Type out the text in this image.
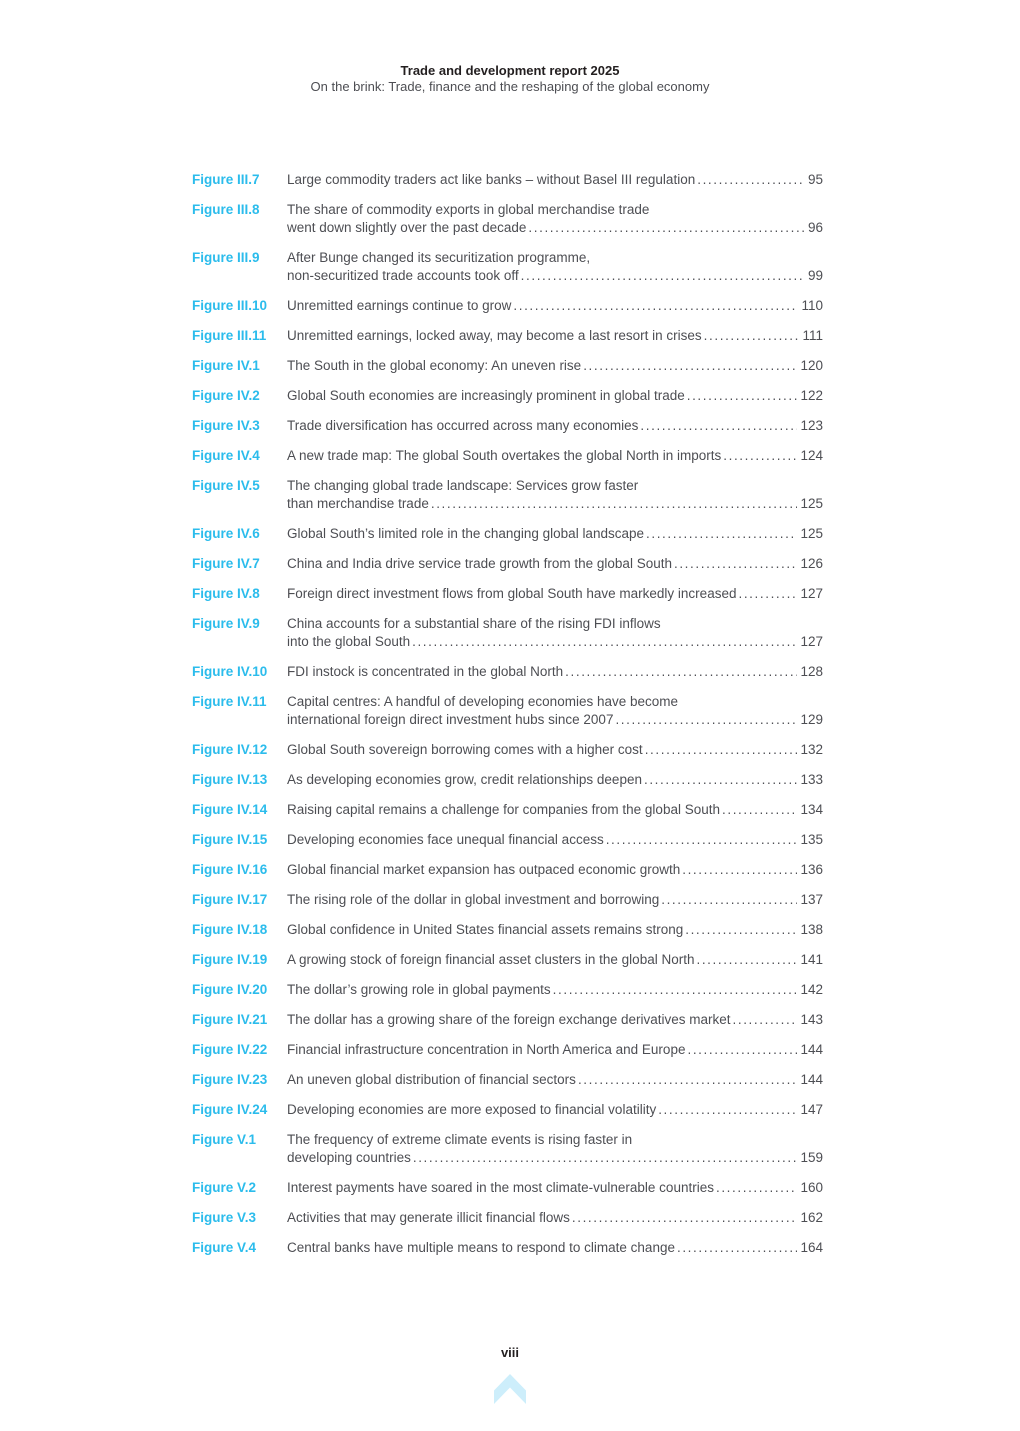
Trade and development report 2025
On the brink: Trade, finance and the reshaping of the global economy
Figure III.7	Large commodity traders act like banks – without Basel III regulation .....	95
Figure III.8	The share of commodity exports in global merchandise trade
went down slightly over the past decade .....	96
Figure III.9	After Bunge changed its securitization programme,
non-securitized trade accounts took off .....	99
Figure III.10	Unremitted earnings continue to grow .....	110
Figure III.11	Unremitted earnings, locked away, may become a last resort in crises .....	111
Figure IV.1	The South in the global economy: An uneven rise .....	120
Figure IV.2	Global South economies are increasingly prominent in global trade .....	122
Figure IV.3	Trade diversification has occurred across many economies .....	123
Figure IV.4	A new trade map: The global South overtakes the global North in imports .....	124
Figure IV.5	The changing global trade landscape: Services grow faster
than merchandise trade .....	125
Figure IV.6	Global South’s limited role in the changing global landscape .....	125
Figure IV.7	China and India drive service trade growth from the global South .....	126
Figure IV.8	Foreign direct investment flows from global South have markedly increased .....	127
Figure IV.9	China accounts for a substantial share of the rising FDI inflows
into the global South .....	127
Figure IV.10	FDI instock is concentrated in the global North .....	128
Figure IV.11	Capital centres: A handful of developing economies have become
international foreign direct investment hubs since 2007 .....	129
Figure IV.12	Global South sovereign borrowing comes with a higher cost .....	132
Figure IV.13	As developing economies grow, credit relationships deepen .....	133
Figure IV.14	Raising capital remains a challenge for companies from the global South .....	134
Figure IV.15	Developing economies face unequal financial access .....	135
Figure IV.16	Global financial market expansion has outpaced economic growth .....	136
Figure IV.17	The rising role of the dollar in global investment and borrowing .....	137
Figure IV.18	Global confidence in United States financial assets remains strong .....	138
Figure IV.19	A growing stock of foreign financial asset clusters in the global North .....	141
Figure IV.20	The dollar’s growing role in global payments .....	142
Figure IV.21	The dollar has a growing share of the foreign exchange derivatives market .....	143
Figure IV.22	Financial infrastructure concentration in North America and Europe .....	144
Figure IV.23	An uneven global distribution of financial sectors .....	144
Figure IV.24	Developing economies are more exposed to financial volatility .....	147
Figure V.1	The frequency of extreme climate events is rising faster in
developing countries .....	159
Figure V.2	Interest payments have soared in the most climate-vulnerable countries .....	160
Figure V.3	Activities that may generate illicit financial flows .....	162
Figure V.4	Central banks have multiple means to respond to climate change .....	164
viii
